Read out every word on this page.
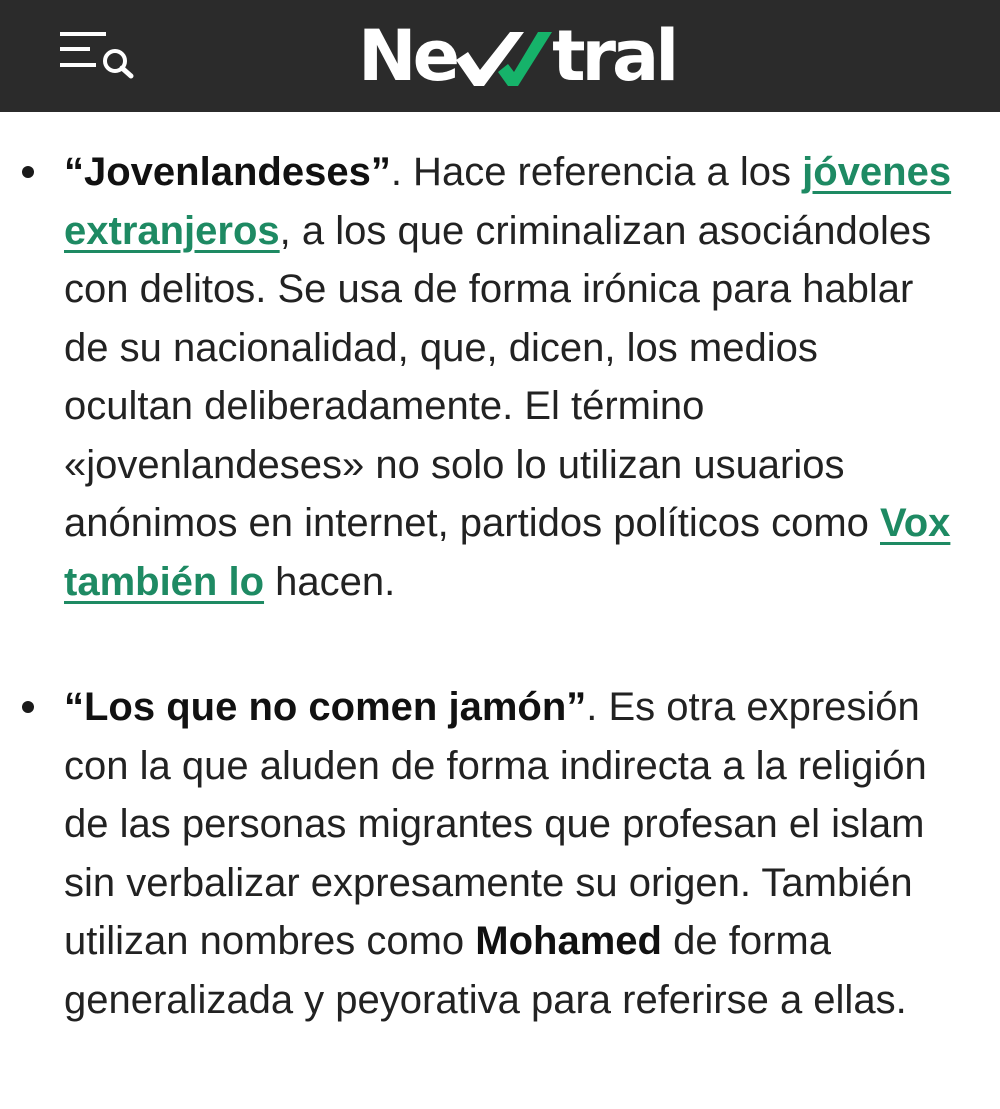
Ne tral
“Jovenlandeses”. Hace referencia a los jóvenes extranjeros, a los que criminalizan asociándoles con delitos. Se usa de forma irónica para hablar de su nacionalidad, que, dicen, los medios ocultan deliberadamente. El término «jovenlandeses» no solo lo utilizan usuarios anónimos en internet, partidos políticos como Vox también lo hacen.
“Los que no comen jamón”. Es otra expresión con la que aluden de forma indirecta a la religión de las personas migrantes que profesan el islam sin verbalizar expresamente su origen. También utilizan nombres como Mohamed de forma generalizada y peyorativa para referirse a ellas.
